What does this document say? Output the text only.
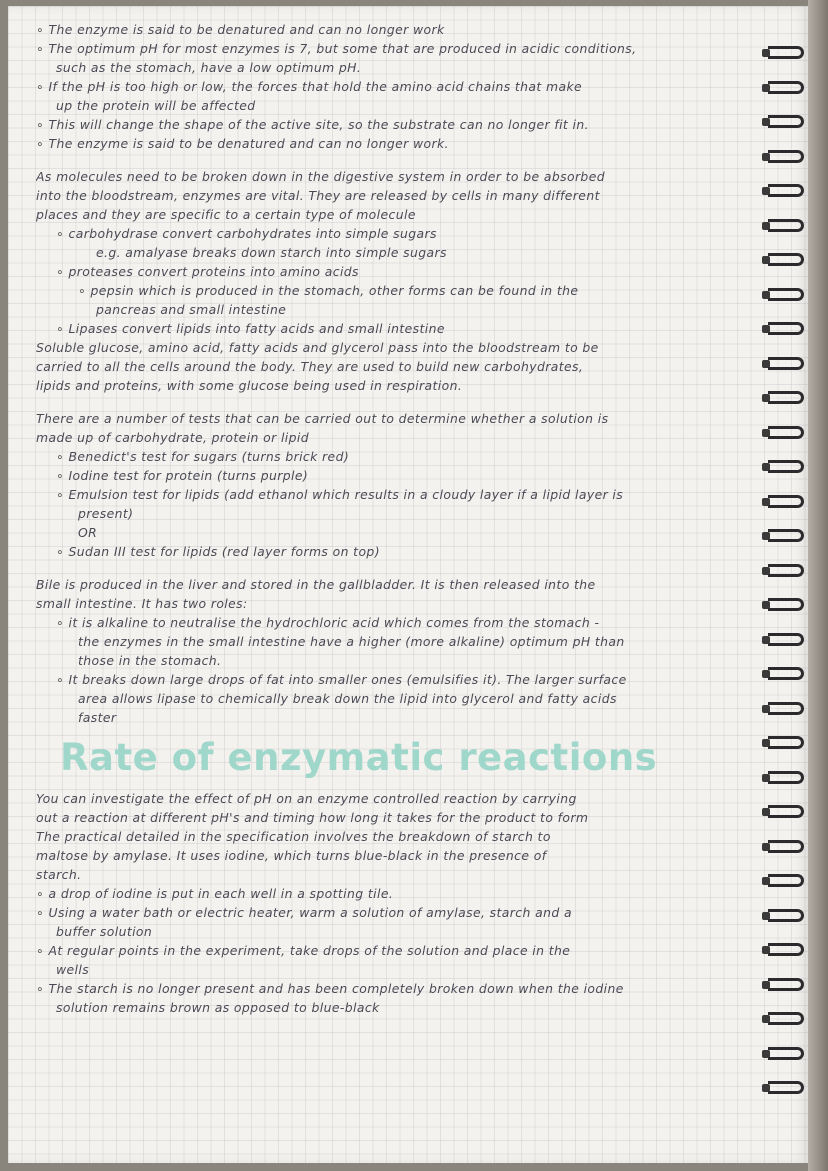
∘ The enzyme is said to be denatured and can no longer work
∘ The optimum pH for most enzymes is 7, but some that are produced in acidic conditions,
such as the stomach, have a low optimum pH.
∘ If the pH is too high or low, the forces that hold the amino acid chains that make
up the protein will be affected
∘ This will change the shape of the active site, so the substrate can no longer fit in.
∘ The enzyme is said to be denatured and can no longer work.
As molecules need to be broken down in the digestive system in order to be absorbed
into the bloodstream, enzymes are vital. They are released by cells in many different
places and they are specific to a certain type of molecule
∘ carbohydrase convert carbohydrates into simple sugars
e.g. amalyase breaks down starch into simple sugars
∘ proteases convert proteins into amino acids
∘ pepsin which is produced in the stomach, other forms can be found in the
pancreas and small intestine
∘ Lipases convert lipids into fatty acids and small intestine
Soluble glucose, amino acid, fatty acids and glycerol pass into the bloodstream to be
carried to all the cells around the body. They are used to build new carbohydrates,
lipids and proteins, with some glucose being used in respiration.
There are a number of tests that can be carried out to determine whether a solution is
made up of carbohydrate, protein or lipid
∘ Benedict's test for sugars (turns brick red)
∘ Iodine test for protein (turns purple)
∘ Emulsion test for lipids (add ethanol which results in a cloudy layer if a lipid layer is
present)
OR
∘ Sudan III test for lipids (red layer forms on top)
Bile is produced in the liver and stored in the gallbladder. It is then released into the
small intestine. It has two roles:
∘ it is alkaline to neutralise the hydrochloric acid which comes from the stomach -
the enzymes in the small intestine have a higher (more alkaline) optimum pH than
those in the stomach.
∘ It breaks down large drops of fat into smaller ones (emulsifies it). The larger surface
area allows lipase to chemically break down the lipid into glycerol and fatty acids
faster
Rate of enzymatic reactions
You can investigate the effect of pH on an enzyme controlled reaction by carrying
out a reaction at different pH's and timing how long it takes for the product to form
The practical detailed in the specification involves the breakdown of starch to
maltose by amylase. It uses iodine, which turns blue-black in the presence of
starch.
∘ a drop of iodine is put in each well in a spotting tile.
∘ Using a water bath or electric heater, warm a solution of amylase, starch and a
buffer solution
∘ At regular points in the experiment, take drops of the solution and place in the
wells
∘ The starch is no longer present and has been completely broken down when the iodine
solution remains brown as opposed to blue-black
